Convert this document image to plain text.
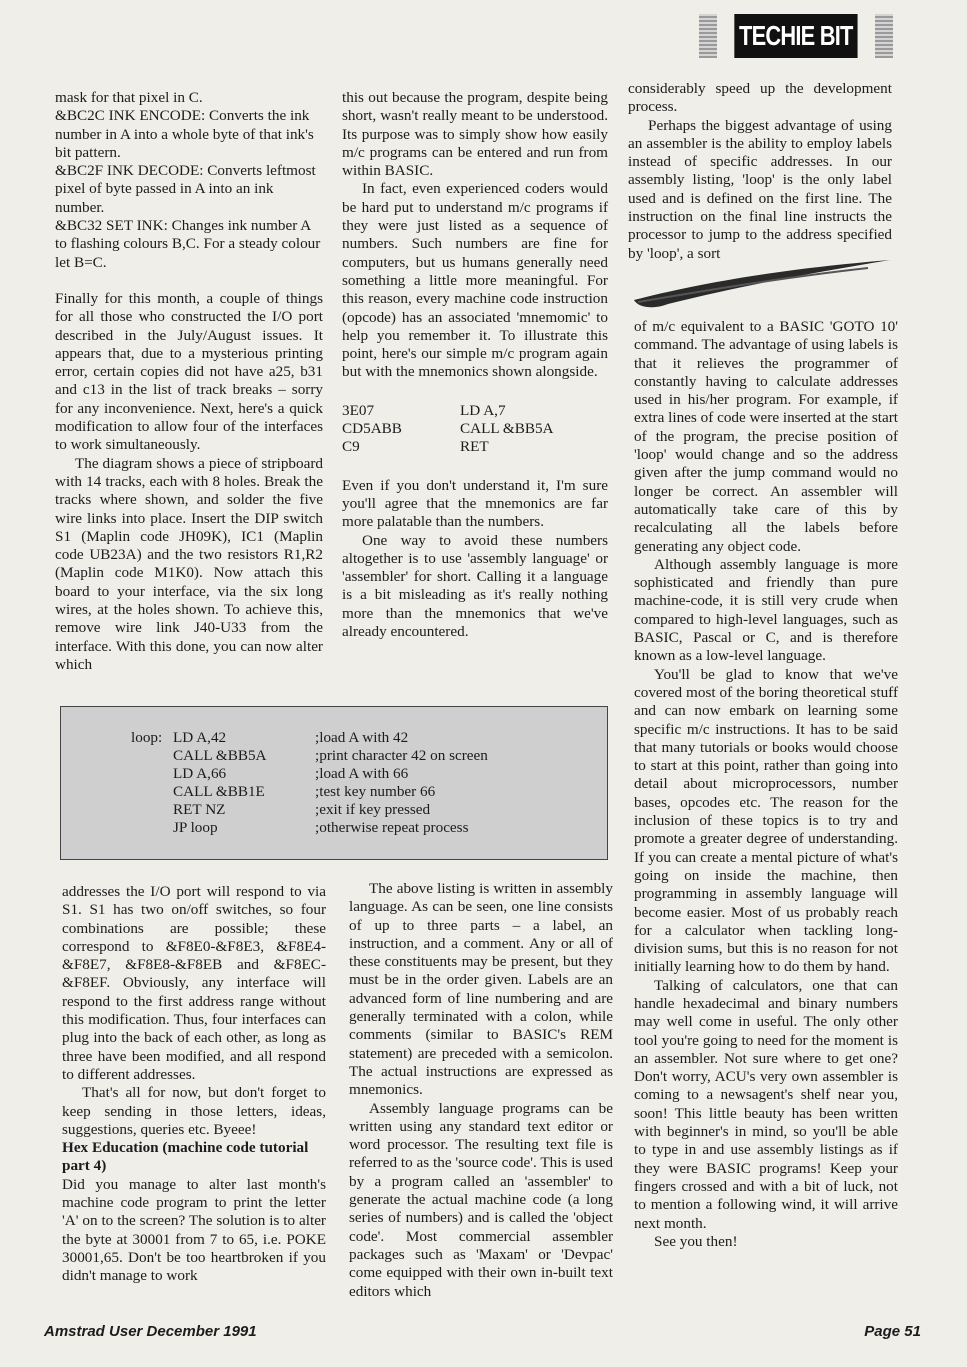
TECHIE BIT

mask for that pixel in C.

&BC2C INK ENCODE: Converts the ink number in A into a whole byte of that ink's bit pattern.

&BC2F INK DECODE: Converts leftmost pixel of byte passed in A into an ink number.

&BC32 SET INK: Changes ink number A to flashing colours B,C. For a steady colour let B=C.

Finally for this month, a couple of things for all those who constructed the I/O port described in the July/August issues. It appears that, due to a mysterious printing error, certain copies did not have a25, b31 and c13 in the list of track breaks – sorry for any inconvenience. Next, here's a quick modification to allow four of the interfaces to work simultaneously.

The diagram shows a piece of stripboard with 14 tracks, each with 8 holes. Break the tracks where shown, and solder the five wire links into place. Insert the DIP switch S1 (Maplin code JH09K), IC1 (Maplin code UB23A) and the two resistors R1,R2 (Maplin code M1K0). Now attach this board to your interface, via the six long wires, at the holes shown. To achieve this, remove wire link J40-U33 from the interface. With this done, you can now alter which

this out because the program, despite being short, wasn't really meant to be understood. Its purpose was to simply show how easily m/c programs can be entered and run from within BASIC.

In fact, even experienced coders would be hard put to understand m/c programs if they were just listed as a sequence of numbers. Such numbers are fine for computers, but us humans generally need something a little more meaningful. For this reason, every machine code instruction (opcode) has an associated 'mnemomic' to help you remember it. To illustrate this point, here's our simple m/c program again but with the mnemonics shown alongside.

3E07	LD A,7
CD5ABB	CALL &BB5A
C9	RET

Even if you don't understand it, I'm sure you'll agree that the mnemonics are far more palatable than the numbers.

One way to avoid these numbers altogether is to use 'assembly language' or 'assembler' for short. Calling it a language is a bit misleading as it's really nothing more than the mnemonics that we've already encountered.

considerably speed up the development process.

Perhaps the biggest advantage of using an assembler is the ability to employ labels instead of specific addresses. In our assembly listing, 'loop' is the only label used and is defined on the first line. The instruction on the final line instructs the processor to jump to the address specified by 'loop', a sort

of m/c equivalent to a BASIC 'GOTO 10' command. The advantage of using labels is that it relieves the programmer of constantly having to calculate addresses used in his/her program. For example, if extra lines of code were inserted at the start of the program, the precise position of 'loop' would change and so the address given after the jump command would no longer be correct. An assembler will automatically take care of this by recalculating all the labels before generating any object code.

Although assembly language is more sophisticated and friendly than pure machine-code, it is still very crude when compared to high-level languages, such as BASIC, Pascal or C, and is therefore known as a low-level language.

You'll be glad to know that we've covered most of the boring theoretical stuff and can now embark on learning some specific m/c instructions. It has to be said that many tutorials or books would choose to start at this point, rather than going into detail about microprocessors, number bases, opcodes etc. The reason for the inclusion of these topics is to try and promote a greater degree of understanding. If you can create a mental picture of what's going on inside the machine, then programming in assembly language will become easier. Most of us probably reach for a calculator when tackling long-division sums, but this is no reason for not initially learning how to do them by hand.

Talking of calculators, one that can handle hexadecimal and binary numbers may well come in useful. The only other tool you're going to need for the moment is an assembler. Not sure where to get one? Don't worry, ACU's very own assembler is coming to a newsagent's shelf near you, soon! This little beauty has been written with beginner's in mind, so you'll be able to type in and use assembly listings as if they were BASIC programs! Keep your fingers crossed and with a bit of luck, not to mention a following wind, it will arrive next month.

See you then!

loop: LD A,42	;load A with 42
CALL &BB5A	;print character 42 on screen
LD A,66	;load A with 66
CALL &BB1E	;test key number 66
RET NZ	;exit if key pressed
JP loop	;otherwise repeat process

addresses the I/O port will respond to via S1. S1 has two on/off switches, so four combinations are possible; these correspond to &F8E0-&F8E3, &F8E4-&F8E7, &F8E8-&F8EB and &F8EC-&F8EF. Obviously, any interface will respond to the first address range without this modification. Thus, four interfaces can plug into the back of each other, as long as three have been modified, and all respond to different addresses.

That's all for now, but don't forget to keep sending in those letters, ideas, suggestions, queries etc. Byeee!

Hex Education (machine code tutorial part 4)

Did you manage to alter last month's machine code program to print the letter 'A' on to the screen? The solution is to alter the byte at 30001 from 7 to 65, i.e. POKE 30001,65. Don't be too heartbroken if you didn't manage to work

The above listing is written in assembly language. As can be seen, one line consists of up to three parts – a label, an instruction, and a comment. Any or all of these constituents may be present, but they must be in the order given. Labels are an advanced form of line numbering and are generally terminated with a colon, while comments (similar to BASIC's REM statement) are preceded with a semicolon. The actual instructions are expressed as mnemonics.

Assembly language programs can be written using any standard text editor or word processor. The resulting text file is referred to as the 'source code'. This is used by a program called an 'assembler' to generate the actual machine code (a long series of numbers) and is called the 'object code'. Most commercial assembler packages such as 'Maxam' or 'Devpac' come equipped with their own in-built text editors which

Amstrad User December 1991	Page 51
